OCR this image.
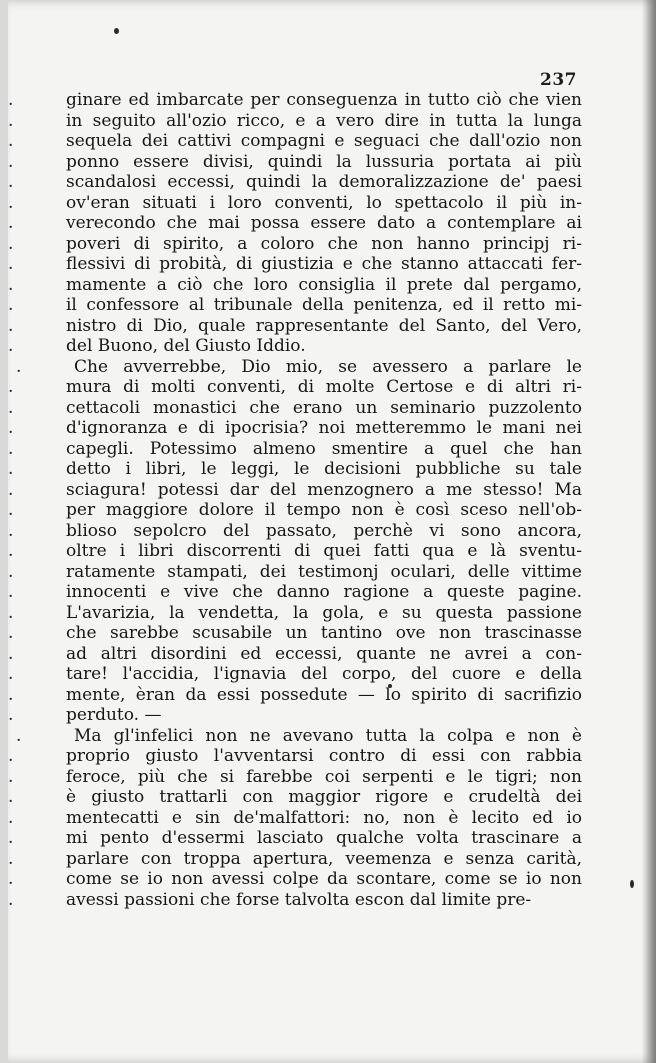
237
.	ginare ed imbarcate per conseguenza in tutto ciò che vien
.	in seguito all'ozio ricco, e a vero dire in tutta la lunga
.	sequela dei cattivi compagni e seguaci che dall'ozio non
.	ponno essere divisi, quindi la lussuria portata ai più
.	scandalosi eccessi, quindi la demoralizzazione de' paesi
.	ov'eran situati i loro conventi, lo spettacolo il più in-
.	verecondo che mai possa essere dato a contemplare ai
.	poveri di spirito, a coloro che non hanno principj ri-
.	flessivi di probità, di giustizia e che stanno attaccati fer-
.	mamente a ciò che loro consiglia il prete dal pergamo,
.	il confessore al tribunale della penitenza, ed il retto mi-
.	nistro di Dio, quale rappresentante del Santo, del Vero,
.	del Buono, del Giusto Iddio.
.	Che avverrebbe, Dio mio, se avessero a parlare le
.	mura di molti conventi, di molte Certose e di altri ri-
.	cettacoli monastici che erano un seminario puzzolento
.	d'ignoranza e di ipocrisia? noi metteremmo le mani nei
.	capegli. Potessimo almeno smentire a quel che han
.	detto i libri, le leggi, le decisioni pubbliche su tale
.	sciagura! potessi dar del menzognero a me stesso! Ma
.	per maggiore dolore il tempo non è così sceso nell'ob-
.	blioso sepolcro del passato, perchè vi sono ancora,
.	oltre i libri discorrenti di quei fatti qua e là sventu-
.	ratamente stampati, dei testimonj oculari, delle vittime
.	innocenti e vive che danno ragione a queste pagine.
.	L'avarizia, la vendetta, la gola, e su questa passione
.	che sarebbe scusabile un tantino ove non trascinasse
.	ad altri disordini ed eccessi, quante ne avrei a con-
.	tare! l'accidia, l'ignavia del corpo, del cuore e della
.	mente, èran da essi possedute — lo spirito di sacrifizio
.	perduto. —
.	Ma gl'infelici non ne avevano tutta la colpa e non è
.	proprio giusto l'avventarsi contro di essi con rabbia
.	feroce, più che si farebbe coi serpenti e le tigri; non
.	è giusto trattarli con maggior rigore e crudeltà dei
.	mentecatti e sin de'malfattori: no, non è lecito ed io
.	mi pento d'essermi lasciato qualche volta trascinare a
.	parlare con troppa apertura, veemenza e senza carità,
.	come se io non avessi colpe da scontare, come se io non
.	avessi passioni che forse talvolta escon dal limite pre-
